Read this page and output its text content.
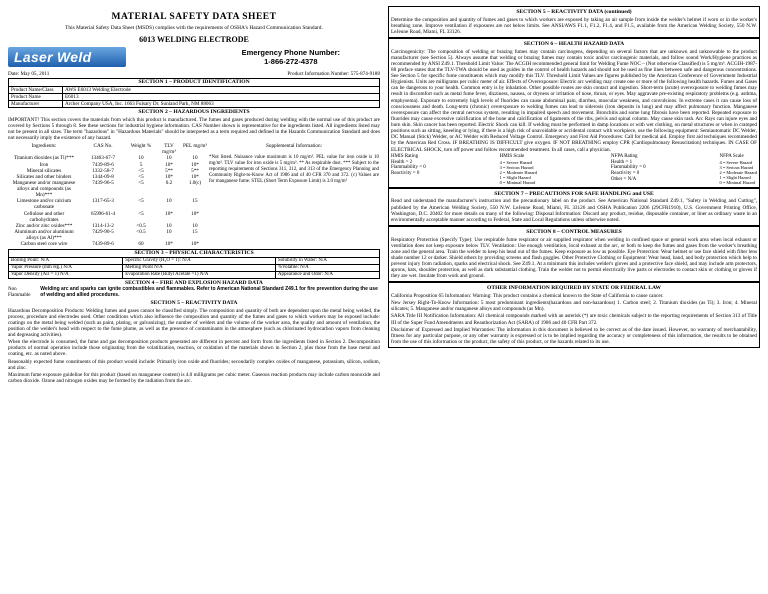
MATERIAL SAFETY DATA SHEET
This Material Safety Data Sheet (MSDS) complies with the requirements of OSHA's Hazard Communication Standard.
6013 WELDING ELECTRODE
Laser Weld	Emergency Phone Number:
1-866-272-4378
Date: May 05, 2011	Product Information Number: 575-874-9188
SECTION 1 – PRODUCT IDENTIFICATION	
Product Name/Class	AWS E6013 Welding Electrode
Product Name	E6013
Manufacturer	Archer Company USA, Inc. 1663 Fulsary Dr. Sunland Park, NM 88063
SECTION 2 – HAZARDOUS INGREDIENTS

IMPORTANT! This section covers the materials from which this product is manufactured. The fumes and gases produced during welding with the normal use of this product are covered by Sections 5 through 8. See these sections for industrial hygiene information. CAS Number shown is representative for the ingredients listed. All ingredients listed may not be present in all sizes. The term "hazardous" in "Hazardous Materials" should be interpreted as a term required and defined in the Hazards Communication Standard and does not necessarily imply the existence of any hazard.

Ingredients:	CAS No.	Weight %	TLV mg/m³	PEL mg/m³	Supplemental Information:
Titanium dioxides (as Ti)***	13463-67-7	10	10	10	*Not listed. Nuisance value maximum is 10 mg/m³. PEL value for iron oxide is 10 mg/m³. TLV value for iron oxide is 5 mg/m³. ** As respirable dust. *** Subject to the reporting requirements of Sections 311, 312, and 313 of the Emergency Planning and Community Right-to-Know Act of 1986 and of 40 CFR 370 and 372. (c) Values are for manganese fume. STEL (Short Term Exposure Limit) is 3.0 mg/m³
Iron	7439-89-6	5	10*	10*	
Mineral silicates	1332-58-7	<5	5**	5**	
Silicates and other binders	1344-09-8	<5	10*	10*	
Manganese and/or manganese alloys and compounds (as Mn)***	7439-96-5	<5	0.2	1.0(c)	
Limestone and/or calcium carbonate	1317-65-3	<5	10	15	
Cellulose and other carbohydrates	65996-61-4	<5	10*	10*	
Zinc and/or zinc oxides***	1314-13-2	<0.5	10	10	
Aluminum and/or aluminum alloys (as Al)***	7429-90-5	<0.5	10	15	
Carbon steel core wire	7439-89-6	60	10*	10*	
SECTION 3 – PHYSICAL CHARACTERISTICS		
Boiling Point: N/A	Specific Gravity (H₂O = 1): N/A	Solubility in Water: N/A
Vapor Pressure (mm Hg.) N/A	Melting Point N/A	%Volatile: N/A
Vapor Density (Air = 1) N/A	Evaporation Rate (Butyl Acetate =1) N/A	Appearance and Odor: N/A
SECTION 4 – FIRE AND EXPLOSION HAZARD DATA
Non Flammable
Welding arc and sparks can ignite combustibles and flammables. Refer to American National Standard Z49.1 for fire prevention during the use of welding and allied procedures.
SECTION 5 – REACTIVITY DATA

Hazardous Decomposition Products: Welding fumes and gases cannot be classified simply. The composition and quantity of both are dependent upon the metal being welded, the process, procedure and electrodes used. Other conditions which also influence the composition and quantity of the fumes and gases to which workers may be exposed include: coatings on the metal being welded (such as paint, plating, or galvanizing), the number of welders and the volume of the worker area, the quality and amount of ventilation, the position of the welder's head with respect to the fume plume, as well as the presence of contaminants in the atmosphere (such as chlorinated hydrocarbon vapors from cleaning and degreasing activities).

When the electrode is consumed, the fume and gas decomposition products generated are different in percent and form from the ingredients listed in Section 2. Decomposition products of normal operation include those originating from the volatilization, reaction, or oxidation of the materials shown in Section 2, plus those from the base metal and coating, etc. as noted above.

Reasonably expected fume constituents of this product would include: Primarily iron oxide and fluorides; secondarily complex oxides of manganese, potassium, silicon, sodium, and zinc.

Maximum fume exposure guideline for this product (based on manganese content) is 4.0 milligrams per cubic meter. Gaseous reaction products may include carbon monoxide and carbon dioxide. Ozone and nitrogen oxides may be formed by the radiation from the arc.

SECTION 5 – REACTIVITY DATA (continued)

Determine the composition and quantity of fumes and gases to which workers are exposed by taking an air sample from inside the welder's helmet if worn or in the worker's breathing zone. Improve ventilation if exposures are not below limits. See ANSI/AWS F1.1, F1.2, F1.4, and F1.5, available from the American Welding Society, 550 N.W. LeJeune Road, Miami, FL 33126.

SECTION 6 – HEALTH HAZARD DATA

Carcinogenicity: The composition of welding or brazing fumes may contain carcinogens, depending on several factors that are unknown and unknowable to the product manufacturer (see Section 5). Always assume that welding or brazing fumes may contain toxic and/or carcinogenic materials, and follow sound Work/Hygiene practices as recommended by ANSI Z49.1. Threshold Limit Value: The ACGIH recommended general limit for Welding Fume NOC – (Not otherwise Classified) is 5 mg/m³. ACGIH-1987-88 preface states that the TLV-TWA should be used as guides in the control of health hazards and should not be used as fine lines between safe and dangerous concentrations. See Section 5 for specific fume constituents which may modify this TLV. Threshold Limit Values are figures published by the American Conference of Government Industrial Hygienists. Units are milligrams per cubic meter of air. Effects of Overexposure: Electric arc welding may create one or more of the following health hazards. Fumes and Gases can be dangerous to your health. Common entry is by inhalation. Other possible routes are skin contact and ingestion. Short-term (acute) overexposure to welding fumes may result in discomfort such as metal fume fever, dizziness, nausea, or dryness or irritation of nose, throat, or eyes. May aggravate pre-existing respiratory problems (e.g. asthma, emphysema). Exposure to extremely high levels of fluorides can cause abdominal pain, diarrhea, muscular weakness, and convulsions. In extreme cases it can cause loss of consciousness and death. Long-term (chronic) overexposure to welding fumes can lead to siderosis (iron deposits in lung) and may affect pulmonary function. Manganese overexposure can affect the central nervous system, resulting in impaired speech and movement. Bronchitis and some lung fibrosis have been reported. Repeated exposure to fluorides may cause excessive calcification of the bone and calcification of ligaments of the ribs, pelvis and spinal column. May cause skin rash. Arc Rays can injure eyes and burn skin. Skin cancer has been reported. Electric Shock can kill. If welding must be performed in damp locations or with wet clothing, on metal structures or when in cramped positions such as sitting, kneeling or lying, if there is a high risk of unavoidable or accidental contact with workpiece, use the following equipment: Semiautomatic DC Welder, DC Manual (Stick) Welder, or AC Welder with Reduced Voltage Control. Emergency and First Aid Procedures: Call for medical aid. Employ first aid techniques recommended by the American Red Cross. IF BREATHING IS DIFFICULT give oxygen. IF NOT BREATHING employ CPR (Cardiopulmonary Resuscitation) techniques. IN CASE OF ELECTRICAL SHOCK, turn off power and follow recommended treatment. In all cases, call a physician.

HMIS Rating
Health = 2
Flammability = 0
Reactivity = 0
HMIS Scale
4 = Severe Hazard
3 = Serious Hazard
2 = Moderate Hazard
1 = Slight Hazard
0 = Minimal Hazard
NFPA Rating
Health = 1
Flammability = 0
Reactivity = 0
Other = N/A
NFPA Scale
4 = Severe Hazard
3 = Serious Hazard
2 = Moderate Hazard
1 = Slight Hazard
0 = Minimal Hazard
SECTION 7 – PRECAUTIONS FOR SAFE HANDLING and USE

Read and understand the manufacturer's instruction and the precautionary label on the product. See American National Standard Z49.1, "Safety in Welding and Cutting", published by the American Welding Society, 550 N.W. LeJeune Road, Miami, FL 33126 and OSHA Publication 2206 (29CFR1910), U.S. Government Printing Office, Washington, D.C. 20402 for more details on many of the following: Disposal Information: Discard any product, residue, disposable container, or liner as ordinary waste in an environmentally acceptable manner according to Federal, State and Local Regulations unless otherwise noted.

SECTION 8 – CONTROL MEASURES

Respiratory Protection (Specify Type): Use respirable fume respirator or air supplied respirator when welding in confined space or general work area when local exhaust or ventilation does not keep exposure below TLV. Ventilation: Use enough ventilation, local exhaust at the arc, or both to keep the fumes and gases from the worker's breathing zone and the general area. Train the welder to keep his head out of the fumes. Keep exposure as low as possible. Eye Protection: Wear helmet or use face shield with filter lens shade number 12 or darker. Shield others by providing screens and flash goggles. Other Protective Clothing or Equipment: Wear head, hand, and body protection which help to prevent injury from radiation, sparks and electrical shock. See Z49.1. At a minimum this includes welder's gloves and a protective face shield, and may include arm protectors, aprons, hats, shoulder protection, as well as dark substantial clothing. Train the welder not to permit electrically live parts or electrodes to contact skin or clothing or gloves if they are wet. Insulate from work and ground.

OTHER INFORMATION REQUIRED BY STATE OR FEDERAL LAW

California Proposition 65 Information: Warning: This product contains a chemical known to the State of California to cause cancer.

New Jersey Right-To-Know Information: 5 most predominant ingredients(hazardous and non-hazardous) 1. Carbon steel; 2. Titanium dioxides (as Ti); 3. Iron; 4. Mineral silicates; 5. Manganese and/or manganese alloys and compounds (as Mn).

SARA Title III Notification Information: All chemical compounds marked with an asterisk (*) are toxic chemicals subject to the reporting requirements of Section 313 of Title III of the Super Fund Amendments and Reauthorization Act (SARA) of 1986 and 40 CFR Part 372.

Disclaimer of Expressed and Implied Warranties: The information in this document is believed to be correct as of the date issued. However, no warranty of merchantability, fitness for any particular purpose, or any other warranty is expressed or is to be implied regarding the accuracy or completeness of this information, the results to be obtained from the use of this information or the product, the safety of this product, or the hazards related to its use.
